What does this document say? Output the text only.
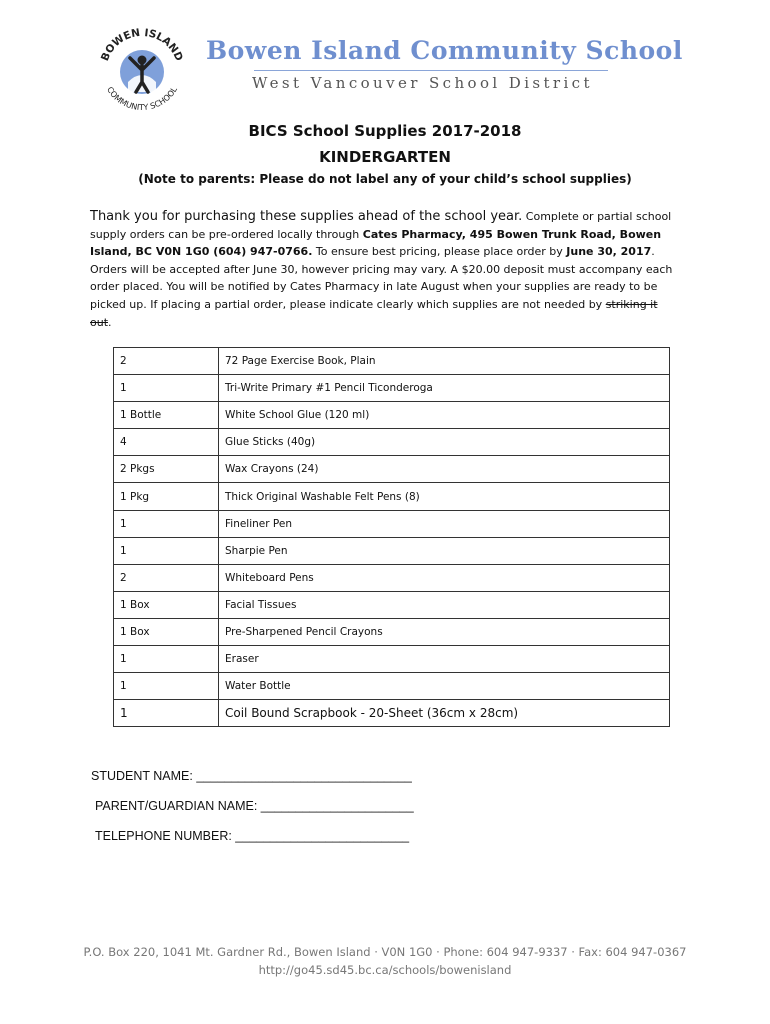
BOWEN ISLAND
COMMUNITY SCHOOL
Bowen Island Community School
West Vancouver School District
BICS School Supplies 2017-2018
KINDERGARTEN
(Note to parents: Please do not label any of your child’s school supplies)
Thank you for purchasing these supplies ahead of the school year. Complete or partial school supply orders can be pre-ordered locally through Cates Pharmacy, 495 Bowen Trunk Road, Bowen Island, BC V0N 1G0 (604) 947-0766. To ensure best pricing, please place order by June 30, 2017. Orders will be accepted after June 30, however pricing may vary. A $20.00 deposit must accompany each order placed. You will be notified by Cates Pharmacy in late August when your supplies are ready to be picked up. If placing a partial order, please indicate clearly which supplies are not needed by striking it out.
2	72 Page Exercise Book, Plain
1	Tri-Write Primary #1 Pencil Ticonderoga
1 Bottle	White School Glue (120 ml)
4	Glue Sticks (40g)
2 Pkgs	Wax Crayons (24)
1 Pkg	Thick Original Washable Felt Pens (8)
1	Fineliner Pen
1	Sharpie Pen
2	Whiteboard Pens
1 Box	Facial Tissues
1 Box	Pre-Sharpened Pencil Crayons
1	Eraser
1	Water Bottle
1	Coil Bound Scrapbook - 20-Sheet (36cm x 28cm)
STUDENT NAME: _______________________________
PARENT/GUARDIAN NAME: ______________________
TELEPHONE NUMBER: _________________________
P.O. Box 220, 1041 Mt. Gardner Rd., Bowen Island · V0N 1G0 · Phone: 604 947-9337 · Fax: 604 947-0367
http://go45.sd45.bc.ca/schools/bowenisland
